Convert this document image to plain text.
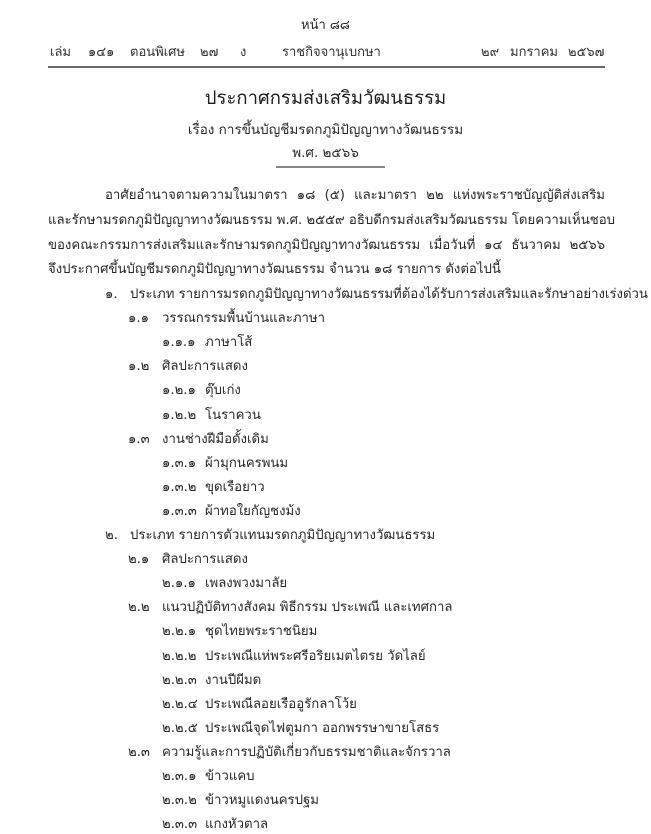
หน้า ๘๘
เล่ม ๑๔๑ ตอนพิเศษ ๒๗ ง	ราชกิจจานุเบกษา	๒๙ มกราคม ๒๕๖๗
ประกาศกรมส่งเสริมวัฒนธรรม
เรื่อง การขึ้นบัญชีมรดกภูมิปัญญาทางวัฒนธรรม
พ.ศ. ๒๕๖๖
อาศัยอำนาจตามความในมาตรา ๑๘ (๕) และมาตรา ๒๒ แห่งพระราชบัญญัติส่งเสริม
และรักษามรดกภูมิปัญญาทางวัฒนธรรม พ.ศ. ๒๕๕๙ อธิบดีกรมส่งเสริมวัฒนธรรม โดยความเห็นชอบ
ของคณะกรรมการส่งเสริมและรักษามรดกภูมิปัญญาทางวัฒนธรรม เมื่อวันที่ ๑๔ ธันวาคม ๒๕๖๖
จึงประกาศขึ้นบัญชีมรดกภูมิปัญญาทางวัฒนธรรม จำนวน ๑๘ รายการ ดังต่อไปนี้
๑. ประเภท รายการมรดกภูมิปัญญาทางวัฒนธรรมที่ต้องได้รับการส่งเสริมและรักษาอย่างเร่งด่วน
๑.๑ วรรณกรรมพื้นบ้านและภาษา
๑.๑.๑ ภาษาโส้
๑.๒ ศิลปะการแสดง
๑.๒.๑ ตุ๊บเก่ง
๑.๒.๒ โนราควน
๑.๓ งานช่างฝีมือดั้งเดิม
๑.๓.๑ ผ้ามุกนครพนม
๑.๓.๒ ขุดเรือยาว
๑.๓.๓ ผ้าทอใยกัญชงม้ง
๒. ประเภท รายการตัวแทนมรดกภูมิปัญญาทางวัฒนธรรม
๒.๑ ศิลปะการแสดง
๒.๑.๑ เพลงพวงมาลัย
๒.๒ แนวปฏิบัติทางสังคม พิธีกรรม ประเพณี และเทศกาล
๒.๒.๑ ชุดไทยพระราชนิยม
๒.๒.๒ ประเพณีแห่พระศรีอริยเมตไตรย วัดไลย์
๒.๒.๓ งานปีผีมด
๒.๒.๔ ประเพณีลอยเรืออูรักลาโว้ย
๒.๒.๕ ประเพณีจุดไฟตูมกา ออกพรรษาขายโสธร
๒.๓ ความรู้และการปฏิบัติเกี่ยวกับธรรมชาติและจักรวาล
๒.๓.๑ ข้าวแคบ
๒.๓.๒ ข้าวหมูแดงนครปฐม
๒.๓.๓ แกงหัวตาล
